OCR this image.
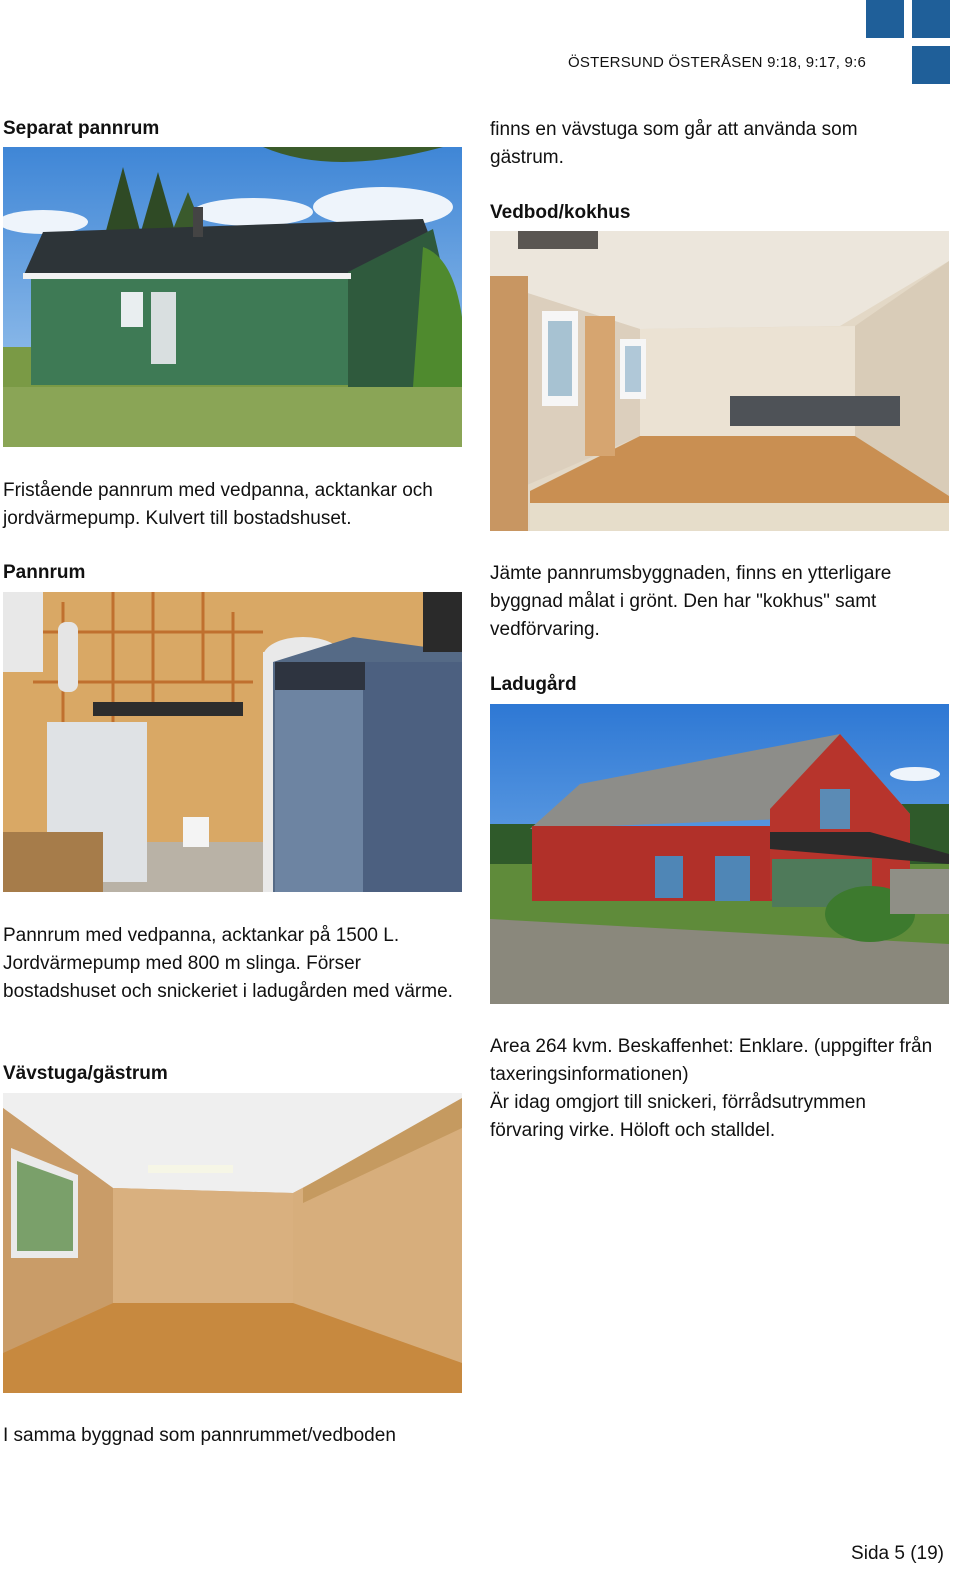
ÖSTERSUND ÖSTERÅSEN 9:18, 9:17, 9:6
Separat pannrum
Fristående pannrum med vedpanna, acktankar och jordvärmepump. Kulvert till bostadshuset.
Pannrum
Pannrum med vedpanna, acktankar på 1500 L. Jordvärmepump med 800 m slinga. Förser bostadshuset och snickeriet i ladugården med värme.
Vävstuga/gästrum
I samma byggnad som pannrummet/vedboden
finns en vävstuga som går att använda som gästrum.
Vedbod/kokhus
Jämte pannrumsbyggnaden, finns en ytterligare byggnad målat i grönt. Den har "kokhus" samt vedförvaring.
Ladugård
Area 264 kvm. Beskaffenhet: Enklare. (uppgifter från taxeringsinformationen)
Är idag omgjort till snickeri, förrådsutrymmen förvaring virke. Höloft och stalldel.
Sida 5 (19)
